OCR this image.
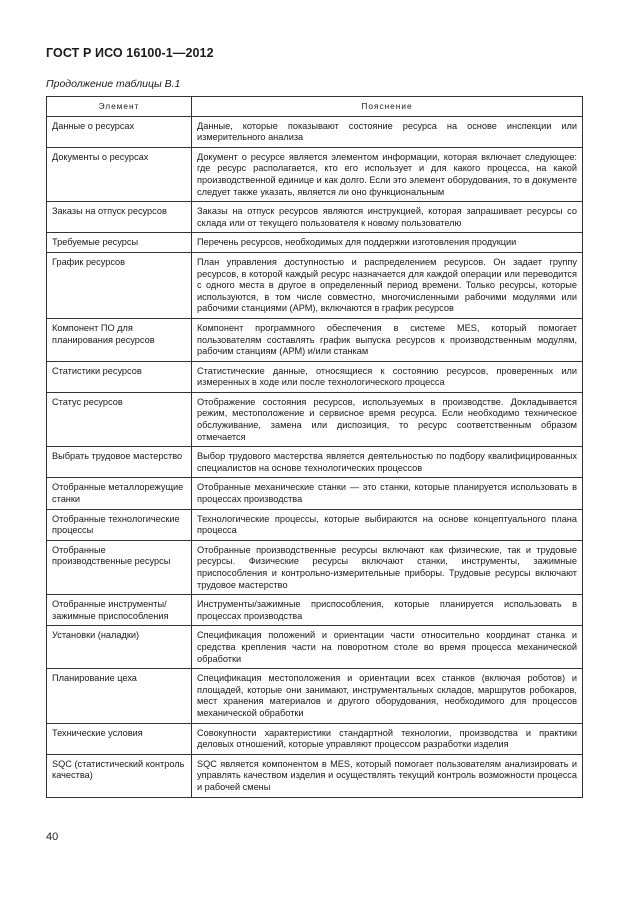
ГОСТ Р ИСО 16100-1—2012
Продолжение таблицы В.1
Элемент	Пояснение
Данные о ресурсах	Данные, которые показывают состояние ресурса на основе инспекции или измерительного анализа
Документы о ресурсах	Документ о ресурсе является элементом информации, которая включает следующее: где ресурс располагается, кто его использует и для какого процесса, на какой производственной единице и как долго. Если это элемент оборудования, то в документе следует также указать, является ли оно функциональным
Заказы на отпуск ресурсов	Заказы на отпуск ресурсов являются инструкцией, которая запрашивает ресурсы со склада или от текущего пользователя к новому пользователю
Требуемые ресурсы	Перечень ресурсов, необходимых для поддержки изготовления продукции
График ресурсов	План управления доступностью и распределением ресурсов. Он задает группу ресурсов, в которой каждый ресурс назначается для каждой операции или переводится с одного места в другое в определенный период времени. Только ресурсы, которые используются, в том числе совместно, многочисленными рабочими модулями или рабочими станциями (АРМ), включаются в график ресурсов
Компонент ПО для планирования ресурсов	Компонент программного обеспечения в системе MES, который помогает пользователям составлять график выпуска ресурсов к производственным модулям, рабочим станциям (АРМ) и/или станкам
Статистики ресурсов	Статистические данные, относящиеся к состоянию ресурсов, проверенных или измеренных в ходе или после технологического процесса
Статус ресурсов	Отображение состояния ресурсов, используемых в производстве. Докладывается режим, местоположение и сервисное время ресурса. Если необходимо техническое обслуживание, замена или диспозиция, то ресурс соответственным образом отмечается
Выбрать трудовое мастерство	Выбор трудового мастерства является деятельностью по подбору квалифицированных специалистов на основе технологических процессов
Отобранные металлорежущие станки	Отобранные механические станки — это станки, которые планируется использовать в процессах производства
Отобранные технологические процессы	Технологические процессы, которые выбираются на основе концептуального плана процесса
Отобранные производственные ресурсы	Отобранные производственные ресурсы включают как физические, так и трудовые ресурсы. Физические ресурсы включают станки, инструменты, зажимные приспособления и контрольно-измерительные приборы. Трудовые ресурсы включают трудовое мастерство
Отобранные инструменты/ зажимные приспособления	Инструменты/зажимные приспособления, которые планируется использовать в процессах производства
Установки (наладки)	Спецификация положений и ориентации части относительно координат станка и средства крепления части на поворотном столе во время процесса механической обработки
Планирование цеха	Спецификация местоположения и ориентации всех станков (включая роботов) и площадей, которые они занимают, инструментальных складов, маршрутов робокаров, мест хранения материалов и другого оборудования, необходимого для процессов механической обработки
Технические условия	Совокупности характеристики стандартной технологии, производства и практики деловых отношений, которые управляют процессом разработки изделия
SQC (статистический контроль качества)	SQC является компонентом в MES, который помогает пользователям анализировать и управлять качеством изделия и осуществлять текущий контроль возможности процесса и рабочей смены
40
